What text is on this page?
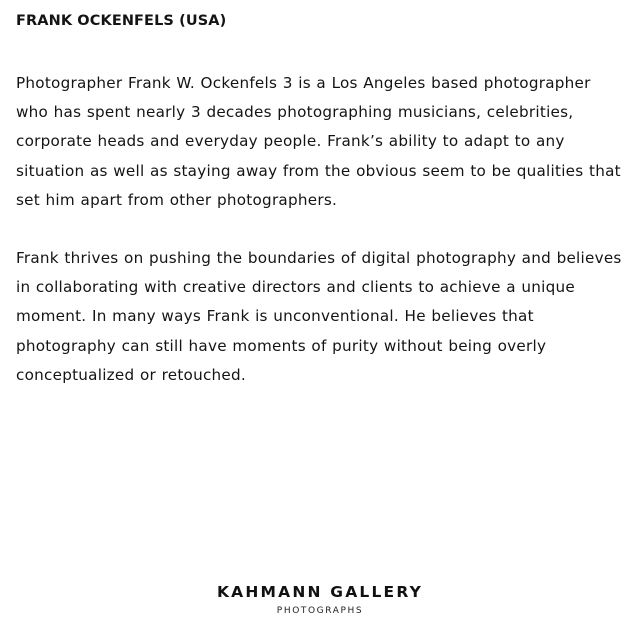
FRANK OCKENFELS (USA)

Photographer Frank W. Ockenfels 3 is a Los Angeles based photographer who has spent nearly 3 decades photographing musicians, celebrities, corporate heads and everyday people. Frank’s ability to adapt to any situation as well as staying away from the obvious seem to be qualities that set him apart from other photographers.

Frank thrives on pushing the boundaries of digital photography and believes in collaborating with creative directors and clients to achieve a unique moment. In many ways Frank is unconventional. He believes that photography can still have moments of purity without being overly conceptualized or retouched.

KAHMANN GALLERY
PHOTOGRAPHS
